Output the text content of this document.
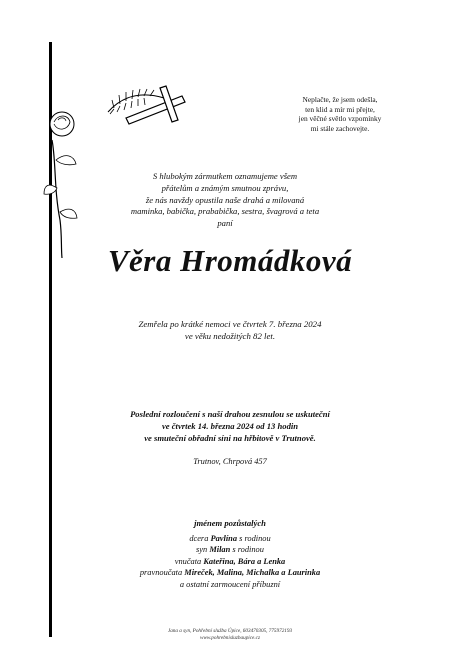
Neplačte, že jsem odešla,
ten klid a mír mi přejte,
jen věčné světlo vzpomínky
mi stále zachovejte.
S hlubokým zármutkem oznamujeme všem
přátelům a známým smutnou zprávu,
že nás navždy opustila naše drahá a milovaná
maminka, babička, prababička, sestra, švagrová a teta
paní
Věra Hromádková
Zemřela po krátké nemoci ve čtvrtek 7. března 2024
ve věku nedožitých 82 let.
Poslední rozloučení s naší drahou zesnulou se uskuteční
ve čtvrtek 14. března 2024 od 13 hodin
ve smuteční obřadní síni na hřbitově v Trutnově.
Trutnov, Chrpová 457
jménem pozůstalých
dcera Pavlína s rodinou
syn Milan s rodinou
vnučata Kateřina, Bára a Lenka
pravnoučata Mireček, Malina, Michalka a Laurinka
a ostatní zarmoucení příbuzní
Jana a syn, Pohřební služba Úpice, 603470305, 775972193
www.pohrebnisluzbaupice.cz
